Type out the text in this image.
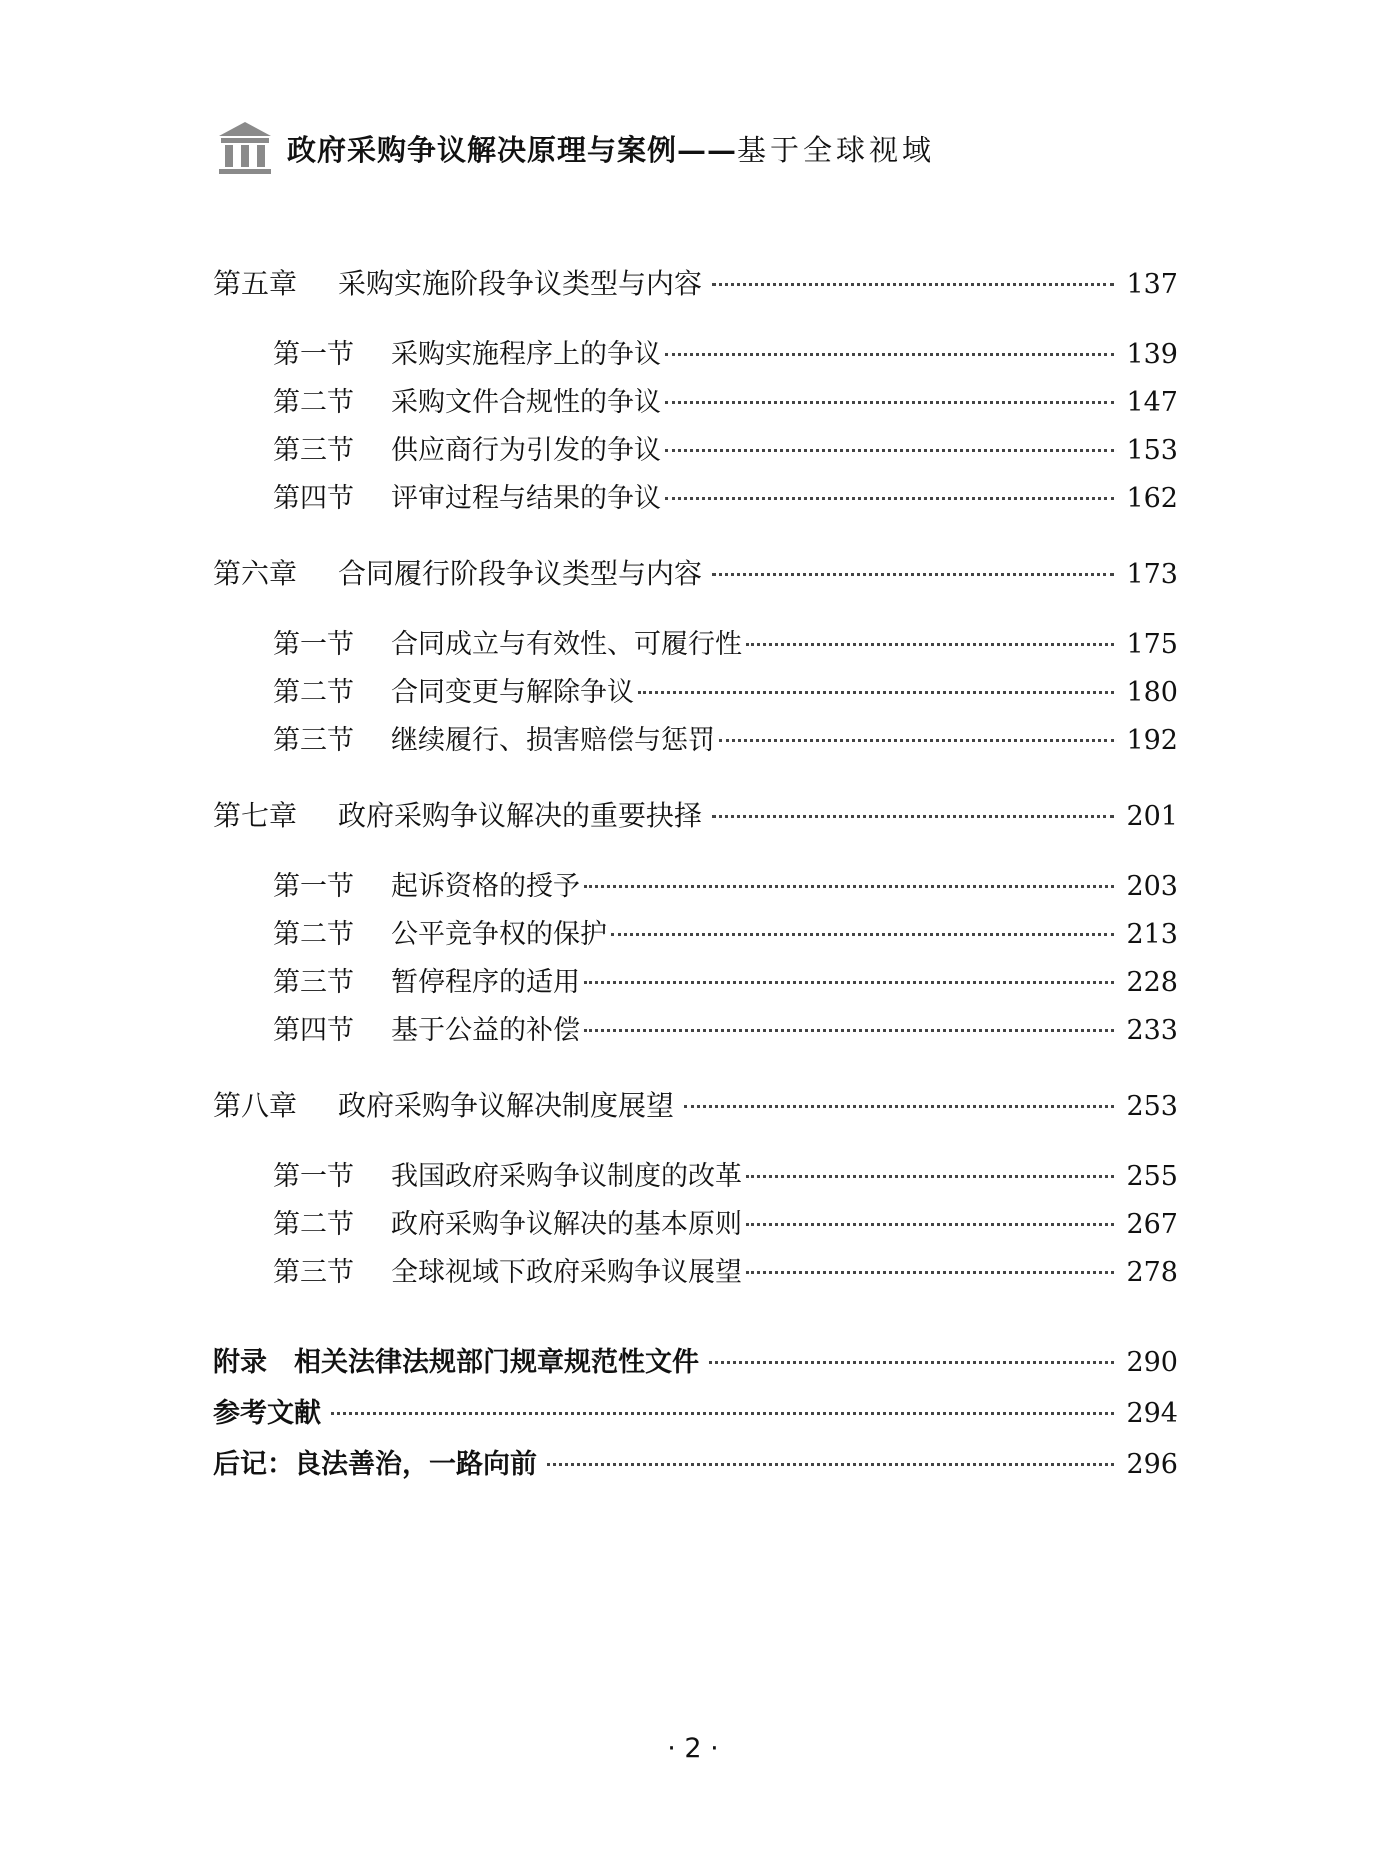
政府采购争议解决原理与案例—— 基于全球视域
第五章	采购实施阶段争议类型与内容	137
第一节	采购实施程序上的争议	139
第二节	采购文件合规性的争议	147
第三节	供应商行为引发的争议	153
第四节	评审过程与结果的争议	162
第六章	合同履行阶段争议类型与内容	173
第一节	合同成立与有效性、可履行性	175
第二节	合同变更与解除争议	180
第三节	继续履行、损害赔偿与惩罚	192
第七章	政府采购争议解决的重要抉择	201
第一节	起诉资格的授予	203
第二节	公平竞争权的保护	213
第三节	暂停程序的适用	228
第四节	基于公益的补偿	233
第八章	政府采购争议解决制度展望	253
第一节	我国政府采购争议制度的改革	255
第二节	政府采购争议解决的基本原则	267
第三节	全球视域下政府采购争议展望	278
附录　相关法律法规部门规章规范性文件	290
参考文献	294
后记：良法善治，一路向前	296
· 2 ·
